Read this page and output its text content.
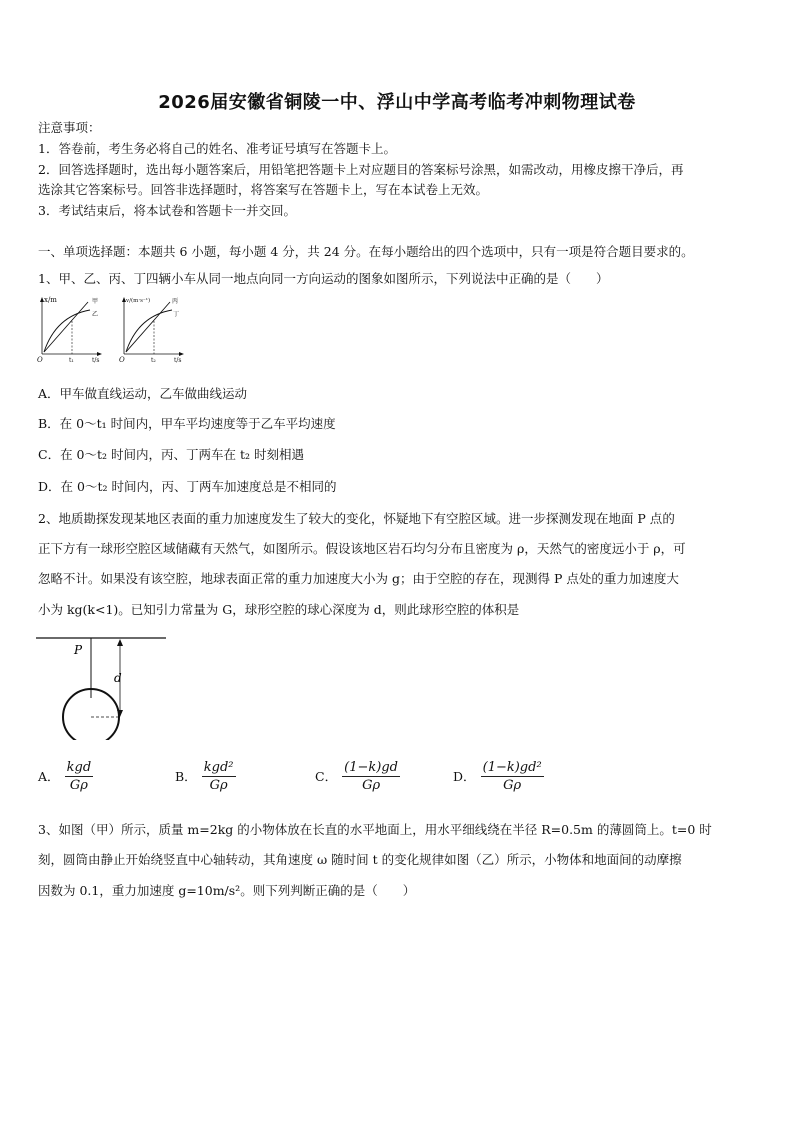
2026届安徽省铜陵一中、浮山中学高考临考冲刺物理试卷
注意事项：
1．答卷前，考生务必将自己的姓名、准考证号填写在答题卡上。
2．回答选择题时，选出每小题答案后，用铅笔把答题卡上对应题目的答案标号涂黑，如需改动，用橡皮擦干净后，再
选涂其它答案标号。回答非选择题时，将答案写在答题卡上，写在本试卷上无效。
3．考试结束后，将本试卷和答题卡一并交回。
一、单项选择题：本题共 6 小题，每小题 4 分，共 24 分。在每小题给出的四个选项中，只有一项是符合题目要求的。
1、甲、乙、丙、丁四辆小车从同一地点向同一方向运动的图象如图所示，下列说法中正确的是（　　）
x/m	甲
乙
O	t₁	t/s
v/(m·s⁻¹)	丙
丁
O	t₂	t/s
A．甲车做直线运动，乙车做曲线运动
B．在 0～t₁ 时间内，甲车平均速度等于乙车平均速度
C．在 0～t₂ 时间内，丙、丁两车在 t₂ 时刻相遇
D．在 0～t₂ 时间内，丙、丁两车加速度总是不相同的
2、地质勘探发现某地区表面的重力加速度发生了较大的变化，怀疑地下有空腔区域。进一步探测发现在地面 P 点的
正下方有一球形空腔区域储藏有天然气，如图所示。假设该地区岩石均匀分布且密度为 ρ，天然气的密度远小于 ρ，可
忽略不计。如果没有该空腔，地球表面正常的重力加速度大小为 g；由于空腔的存在，现测得 P 点处的重力加速度大
小为 kg(k<1)。已知引力常量为 G，球形空腔的球心深度为 d，则此球形空腔的体积是
P
d
A． $\frac{\text{kgd}}{G\rho}$	B． $\frac{\text{kgd²}}{G\rho}$	C． $\frac{(1-k)gd}{G\rho}$	D． $\frac{\text{(1−k)gd²}}{G\rho}$
3、如图（甲）所示，质量 m=2kg 的小物体放在长直的水平地面上，用水平细线绕在半径 R=0.5m 的薄圆筒上。t=0 时
刻，圆筒由静止开始绕竖直中心轴转动，其角速度 ω 随时间 t 的变化规律如图（乙）所示，小物体和地面间的动摩擦
因数为 0.1，重力加速度 g=10m/s²。则下列判断正确的是（　　）
